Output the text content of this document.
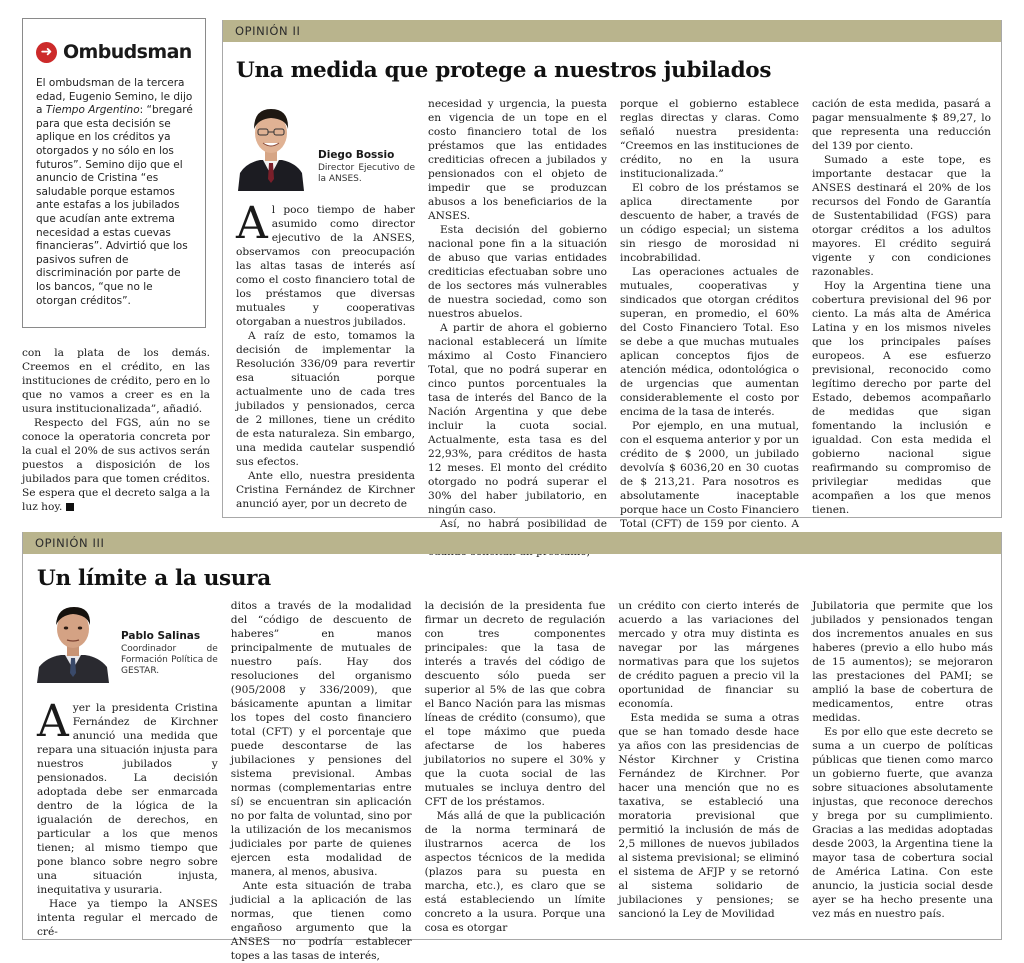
➜ Ombudsman

El ombudsman de la tercera edad, Eugenio Semino, le dijo a Tiempo Argentino: “bregaré para que esta decisión se aplique en los créditos ya otorgados y no sólo en los futuros”. Semino dijo que el anuncio de Cristina “es saludable porque estamos ante estafas a los jubilados que acudían ante extrema necesidad a estas cuevas financieras”. Advirtió que los pasivos sufren de discriminación por parte de los bancos, “que no le otorgan créditos”.

con la plata de los demás. Creemos en el crédito, en las instituciones de crédito, pero en lo que no vamos a creer es en la usura institucionalizada”, añadió.

Respecto del FGS, aún no se conoce la operatoria concreta por la cual el 20% de sus activos serán puestos a disposición de los jubilados para que tomen créditos. Se espera que el decreto salga a la luz hoy.

OPINIÓN II
Una medida que protege a nuestros jubilados
Diego Bossio
Director Ejecutivo de la ANSES.

Al poco tiempo de haber asumido como director ejecutivo de la ANSES, observamos con preocupación las altas tasas de interés así como el costo financiero total de los préstamos que diversas mutuales y cooperativas otorgaban a nuestros jubilados.

A raíz de esto, tomamos la decisión de implementar la Resolución 336/09 para revertir esa situación porque actualmente uno de cada tres jubilados y pensionados, cerca de 2 millones, tiene un crédito de esta naturaleza. Sin embargo, una medida cautelar suspendió sus efectos.

Ante ello, nuestra presidenta Cristina Fernández de Kirchner anunció ayer, por un decreto de

necesidad y urgencia, la puesta en vigencia de un tope en el costo financiero total de los préstamos que las entidades crediticias ofrecen a jubilados y pensionados con el objeto de impedir que se produzcan abusos a los beneficiarios de la ANSES.

Esta decisión del gobierno nacional pone fin a la situación de abuso que varias entidades crediticias efectuaban sobre uno de los sectores más vulnerables de nuestra sociedad, como son nuestros abuelos.

A partir de ahora el gobierno nacional establecerá un límite máximo al Costo Financiero Total, que no podrá superar en cinco puntos porcentuales la tasa de interés del Banco de la Nación Argentina y que debe incluir la cuota social. Actualmente, esta tasa es del 22,93%, para créditos de hasta 12 meses. El monto del crédito otorgado no podrá superar el 30% del haber jubilatorio, en ningún caso.

Así, no habrá posibilidad de

porque el gobierno establece reglas directas y claras. Como señaló nuestra presidenta: “Creemos en las instituciones de crédito, no en la usura institucionalizada.”

El cobro de los préstamos se aplica directamente por descuento de haber, a través de un código especial; un sistema sin riesgo de morosidad ni incobrabilidad.

Las operaciones actuales de mutuales, cooperativas y sindicados que otorgan créditos superan, en promedio, el 60% del Costo Financiero Total. Eso se debe a que muchas mutuales aplican conceptos fijos de atención médica, odontológica o de urgencias que aumentan considerablemente el costo por encima de la tasa de interés.

Por ejemplo, en una mutual, con el esquema anterior y por un crédito de $ 2000, un jubilado devolvía $ 6036,20 en 30 cuotas de $ 213,21. Para nosotros es absolutamente inaceptable porque hace un Costo Financiero Total (CFT) de 159 por ciento. A

cación de esta medida, pasará a pagar mensualmente $ 89,27, lo que representa una reducción del 139 por ciento.

Sumado a este tope, es importante destacar que la ANSES destinará el 20% de los recursos del Fondo de Garantía de Sustentabilidad (FGS) para otorgar créditos a los adultos mayores. El crédito seguirá vigente y con condiciones razonables.

Hoy la Argentina tiene una cobertura previsional del 96 por ciento. La más alta de América Latina y en los mismos niveles que los principales países europeos. A ese esfuerzo previsional, reconocido como legítimo derecho por parte del Estado, debemos acompañarlo de medidas que sigan fomentando la inclusión e igualdad. Con esta medida el gobierno nacional sigue reafirmando su compromiso de privilegiar medidas que acompañen a los que menos tienen.

OPINIÓN III
Un límite a la usura
Pablo Salinas
Coordinador de Formación Política de GESTAR.

Ayer la presidenta Cristina Fernández de Kirchner anunció una medida que repara una situación injusta para nuestros jubilados y pensionados. La decisión adoptada debe ser enmarcada dentro de la lógica de la igualación de derechos, en particular a los que menos tienen; al mismo tiempo que pone blanco sobre negro sobre una situación injusta, inequitativa y usuraria.

Hace ya tiempo la ANSES intenta regular el mercado de cré-

ditos a través de la modalidad del “código de descuento de haberes” en manos principalmente de mutuales de nuestro país. Hay dos resoluciones del organismo (905/2008 y 336/2009), que básicamente apuntan a limitar los topes del costo financiero total (CFT) y el porcentaje que puede descontarse de las jubilaciones y pensiones del sistema previsional. Ambas normas (complementarias entre sí) se encuentran sin aplicación no por falta de voluntad, sino por la utilización de los mecanismos judiciales por parte de quienes ejercen esta modalidad de manera, al menos, abusiva.

Ante esta situación de traba judicial a la aplicación de las normas, que tienen como engañoso argumento que la ANSES no podría establecer topes a las tasas de interés,

la decisión de la presidenta fue firmar un decreto de regulación con tres componentes principales: que la tasa de interés a través del código de descuento sólo pueda ser superior al 5% de las que cobra el Banco Nación para las mismas líneas de crédito (consumo), que el tope máximo que pueda afectarse de los haberes jubilatorios no supere el 30% y que la cuota social de las mutuales se incluya dentro del CFT de los préstamos.

Más allá de que la publicación de la norma terminará de ilustrarnos acerca de los aspectos técnicos de la medida (plazos para su puesta en marcha, etc.), es claro que se está estableciendo un límite concreto a la usura. Porque una cosa es otorgar

un crédito con cierto interés de acuerdo a las variaciones del mercado y otra muy distinta es navegar por las márgenes normativas para que los sujetos de crédito paguen a precio vil la oportunidad de financiar su economía.

Esta medida se suma a otras que se han tomado desde hace ya años con las presidencias de Néstor Kirchner y Cristina Fernández de Kirchner. Por hacer una mención que no es taxativa, se estableció una moratoria previsional que permitió la inclusión de más de 2,5 millones de nuevos jubilados al sistema previsional; se eliminó el sistema de AFJP y se retornó al sistema solidario de jubilaciones y pensiones; se sancionó la Ley de Movilidad

Jubilatoria que permite que los jubilados y pensionados tengan dos incrementos anuales en sus haberes (previo a ello hubo más de 15 aumentos); se mejoraron las prestaciones del PAMI; se amplió la base de cobertura de medicamentos, entre otras medidas.

Es por ello que este decreto se suma a un cuerpo de políticas públicas que tienen como marco un gobierno fuerte, que avanza sobre situaciones absolutamente injustas, que reconoce derechos y brega por su cumplimiento. Gracias a las medidas adoptadas desde 2003, la Argentina tiene la mayor tasa de cobertura social de América Latina. Con este anuncio, la justicia social desde ayer se ha hecho presente una vez más en nuestro país.
